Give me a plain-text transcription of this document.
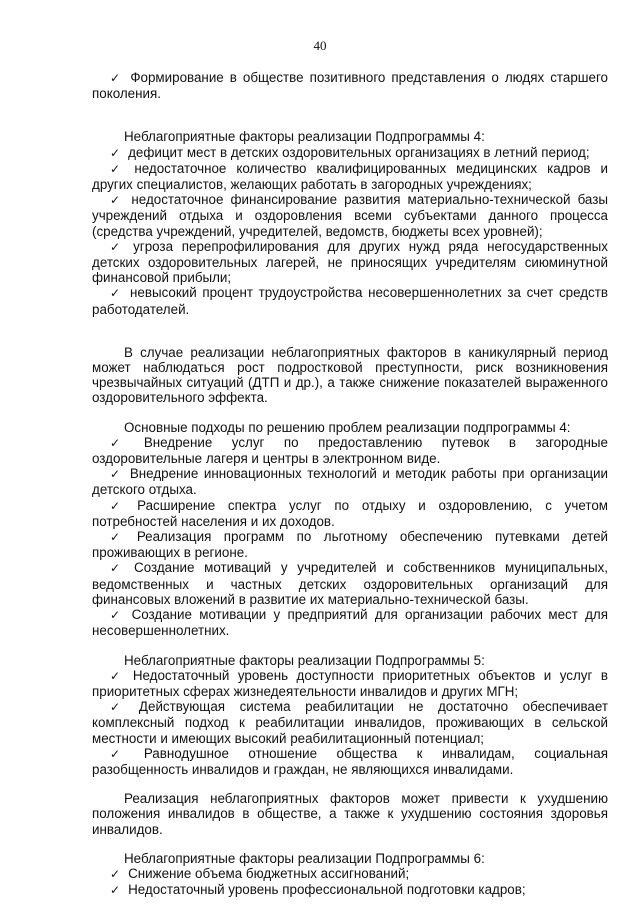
40

✓ Формирование в обществе позитивного представления о людях старшего поколения.

Неблагоприятные факторы реализации Подпрограммы 4:

✓ дефицит мест в детских оздоровительных организациях в летний период;

✓ недостаточное количество квалифицированных медицинских кадров и других специалистов, желающих работать в загородных учреждениях;

✓ недостаточное финансирование развития материально-технической базы учреждений отдыха и оздоровления всеми субъектами данного процесса (средства учреждений, учредителей, ведомств, бюджеты всех уровней);

✓ угроза перепрофилирования для других нужд ряда негосударственных детских оздоровительных лагерей, не приносящих учредителям сиюминутной финансовой прибыли;

✓ невысокий процент трудоустройства несовершеннолетних за счет средств работодателей.

В случае реализации неблагоприятных факторов в каникулярный период может наблюдаться рост подростковой преступности, риск возникновения чрезвычайных ситуаций (ДТП и др.), а также снижение показателей выраженного оздоровительного эффекта.

Основные подходы по решению проблем реализации подпрограммы 4:

✓ Внедрение услуг по предоставлению путевок в загородные оздоровительные лагеря и центры в электронном виде.

✓ Внедрение инновационных технологий и методик работы при организации детского отдыха.

✓ Расширение спектра услуг по отдыху и оздоровлению, с учетом потребностей населения и их доходов.

✓ Реализация программ по льготному обеспечению путевками детей проживающих в регионе.

✓ Создание мотиваций у учредителей и собственников муниципальных, ведомственных и частных детских оздоровительных организаций для финансовых вложений в развитие их материально-технической базы.

✓ Создание мотивации у предприятий для организации рабочих мест для несовершеннолетних.

Неблагоприятные факторы реализации Подпрограммы 5:

✓ Недостаточный уровень доступности приоритетных объектов и услуг в приоритетных сферах жизнедеятельности инвалидов и других МГН;

✓ Действующая система реабилитации не достаточно обеспечивает комплексный подход к реабилитации инвалидов, проживающих в сельской местности и имеющих высокий реабилитационный потенциал;

✓ Равнодушное отношение общества к инвалидам, социальная разобщенность инвалидов и граждан, не являющихся инвалидами.

Реализация неблагоприятных факторов может привести к ухудшению положения инвалидов в обществе, а также к ухудшению состояния здоровья инвалидов.

Неблагоприятные факторы реализации Подпрограммы 6:

✓ Снижение объема бюджетных ассигнований;

✓ Недостаточный уровень профессиональной подготовки кадров;
